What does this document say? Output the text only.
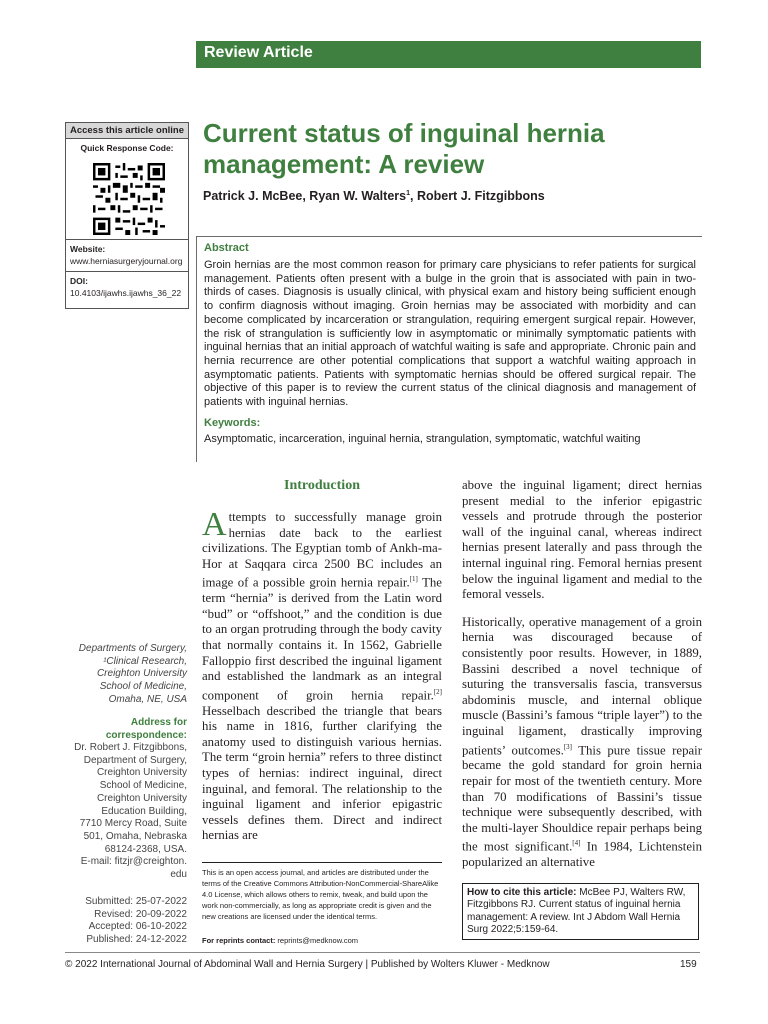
Review Article
Access this article online
Quick Response Code:
Website:
www.herniasurgeryjournal.org
DOI:
10.4103/ijawhs.ijawhs_36_22
Current status of inguinal hernia management: A review
Patrick J. McBee, Ryan W. Walters$^1$, Robert J. Fitzgibbons
Abstract
Groin hernias are the most common reason for primary care physicians to refer patients for surgical management. Patients often present with a bulge in the groin that is associated with pain in two-thirds of cases. Diagnosis is usually clinical, with physical exam and history being sufficient enough to confirm diagnosis without imaging. Groin hernias may be associated with morbidity and can become complicated by incarceration or strangulation, requiring emergent surgical repair. However, the risk of strangulation is sufficiently low in asymptomatic or minimally symptomatic patients with inguinal hernias that an initial approach of watchful waiting is safe and appropriate. Chronic pain and hernia recurrence are other potential complications that support a watchful waiting approach in asymptomatic patients. Patients with symptomatic hernias should be offered surgical repair. The objective of this paper is to review the current status of the clinical diagnosis and management of patients with inguinal hernias.
Keywords:
Asymptomatic, incarceration, inguinal hernia, strangulation, symptomatic, watchful waiting
Departments of Surgery,
¹Clinical Research,
Creighton University
School of Medicine,
Omaha, NE, USA
Address for
correspondence:
Dr. Robert J. Fitzgibbons,
Department of Surgery,
Creighton University
School of Medicine,
Creighton University
Education Building,
7710 Mercy Road, Suite
501, Omaha, Nebraska
68124-2368, USA.
E-mail: fitzjr@creighton.
edu
Submitted: 25-07-2022
Revised: 20-09-2022
Accepted: 06-10-2022
Published: 24-12-2022
Introduction
Attempts to successfully manage groin hernias date back to the earliest civilizations. The Egyptian tomb of Ankh-ma-Hor at Saqqara circa 2500 BC includes an image of a possible groin hernia repair.[1] The term “hernia” is derived from the Latin word “bud” or “offshoot,” and the condition is due to an organ protruding through the body cavity that normally contains it. In 1562, Gabrielle Falloppio first described the inguinal ligament and established the landmark as an integral component of groin hernia repair.[2] Hesselbach described the triangle that bears his name in 1816, further clarifying the anatomy used to distinguish various hernias. The term “groin hernia” refers to three distinct types of hernias: indirect inguinal, direct inguinal, and femoral. The relationship to the inguinal ligament and inferior epigastric vessels defines them. Direct and indirect hernias are
above the inguinal ligament; direct hernias present medial to the inferior epigastric vessels and protrude through the posterior wall of the inguinal canal, whereas indirect hernias present laterally and pass through the internal inguinal ring. Femoral hernias present below the inguinal ligament and medial to the femoral vessels.
Historically, operative management of a groin hernia was discouraged because of consistently poor results. However, in 1889, Bassini described a novel technique of suturing the transversalis fascia, transversus abdominis muscle, and internal oblique muscle (Bassini’s famous “triple layer”) to the inguinal ligament, drastically improving patients’ outcomes.[3] This pure tissue repair became the gold standard for groin hernia repair for most of the twentieth century. More than 70 modifications of Bassini’s tissue technique were subsequently described, with the multi-layer Shouldice repair perhaps being the most significant.[4] In 1984, Lichtenstein popularized an alternative
This is an open access journal, and articles are distributed under the terms of the Creative Commons Attribution-NonCommercial-ShareAlike 4.0 License, which allows others to remix, tweak, and build upon the work non-commercially, as long as appropriate credit is given and the new creations are licensed under the identical terms.
For reprints contact: reprints@medknow.com
How to cite this article: McBee PJ, Walters RW, Fitzgibbons RJ. Current status of inguinal hernia management: A review. Int J Abdom Wall Hernia Surg 2022;5:159-64.
© 2022 International Journal of Abdominal Wall and Hernia Surgery | Published by Wolters Kluwer - Medknow	159
